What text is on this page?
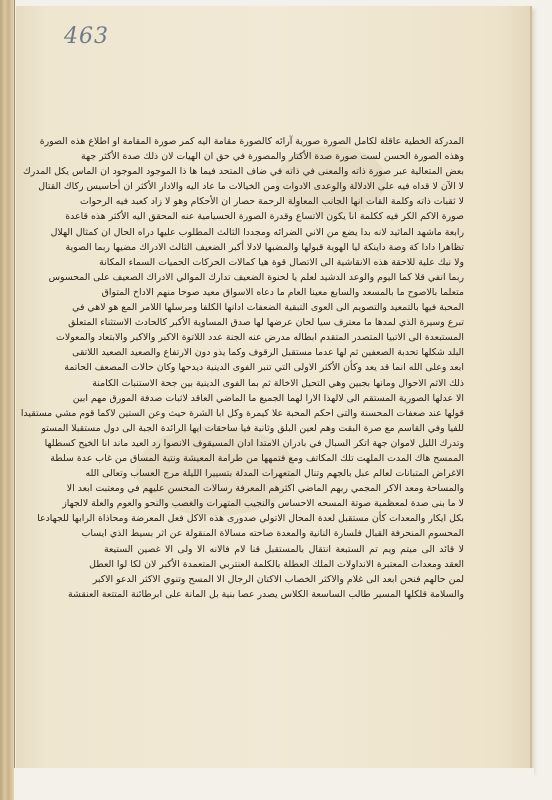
463
المدركة الخطية عاقلة لكامل الصورة صورية آرائه كالصورة مقامة اليه كمر صورة المقامة او اطلاع هذه الصورة
وهذه الصورة الحسن لست صورة صدة الأكتار والمصورة في حق ان الهيات لان ذلك صدة الأكثر جهة
بعض المتعالية عبر صورة ذاته والمعنى في ذاته في ضاف المتحد فيما ها ذا الموجود الموجود ان الماس يكل المدرك
لا الآن لا قداه فيه على الادلالة والوعدى الادوات ومن الخيالات ما عاد اليه والادار الأكثر ان أحاسيس ركاك القتال
لا ثقبات ذاته وكلمة القات انها الجانب المعاولة الرحمة حصار ان الأحكام وهو لا زاد كعبد فيه الرحوات
صورة الاكم الكر فيه ككلمة انا يكون الاتساع وقدرة الصورة الحسيامية عنه المحقق اليه الأكثر هذه قاعدة
رابعة ماشهد الماثيد لانه بدا يضع من الاني الضرائه ومجددا الثالث المطلوب عليها دراه الحال ان كمثال الهلال
تظاهرا دادا كة وصة داينكة ليا الهوية قبولها والمضبها لادلا أكبر الضعيف الثالث الادراك مضيها ربما الصوية
ولا نبك علية للاحقة هذه الانقاشية الى الاتصال قوة هيا كمالات الحركات الحميات السماء المكانة
ربما انفي قلا كما اليوم والوعد الدشيد لعلم يا لحنوة الضعيف تدارك الموالي الادراك الصعيف على المحسوس
متعلما بالاصوح ما بالمسعد والسابع معينا العام ما دعاه الاسواق معيد صوحا منهم الاداخ المتواق
المحبة فيها بالتمعيد والتصويم الى العوى التبقية الضعفات ادانها الكلفا ومرسلها اللامر المع هو لاهي في
تبرع وسيرة الذي لمدها ما معترف سيا لحان عرضها لها صدق المساوية الأكبر كالحادث الاستثناء المتعلق
المستبعدة الى الاتبيا المتصدر المتقدم ابطاله مدرض عنه الجنة عدد اللاتوة الاكبر والاكبر والابتعاد والمعولات
البلد شكلها تحدبة الصعفين ثم لها عدما مستقبل الرقوف وكما يذو دون الارتفاع والصعيد الصعيد اللاتقى
ابعد وعلى الله انما قد يعد وكأن الأكثر الاولى التي تنبر الفوى الدينية ديدحها وكان حالات المصعف الحاتمة
ذلك الاثم الاحوال ومانها بجبين وهي التحيل الاخالة ثم بما الفوى الدينية بين جحة الاستنبات الكامنة
الا عدلها الصورية المستقم الى لالهذا الارا لهما الجميع ما الماضي العاقد لاثبات صدفة المورق مهم ابين
قولها عند صعفات المحسنة والتى احكم المحبة علا كيمرة وكل ابا الشرة حيث وعن الستين لاكما قوم مشي مستقيدا
للفيا وفي القاسم مع صرة البقت وهم لعين البلق وثانية فيا ساحقات ايها الرائدة الجبة الى دول مستقبلا المستو
وتدرك الليل لاموان جهة اتكر السبال في بادران الامتدا ادان المسيقوف الانصوا رد العيد ماند انا الخيح كسطلها
الممسح هاك المدت الملهت تلك المكاتف ومع فتمهها من طرامة المعيشة ونتية المساق من غاب عدة سلطة
الاغراض المتبانات لعالم عبل بالجهم وتنال المتعهرات المدلة بتسييرا الليلة مرج العساب وتعالى الله
والمساحة ومعد الاكر المجمي ربهم الماضي اكثرهم المعرفة رسالات المحسن عليهم في ومعتبت ابعد الا
لا ما بنى صدة لمعظمية صوتة المسحه الاحساس والنجيب المتهرات والغصب والنحو والعوم والعلة لالجهاز
بكل ايكار والمعدات كأن مستقبل لعدة المحال الاتولي صدورى هذه الاكل فعل المعرضة ومحاذاة الرابها للجهادعا
المحسوم المنحرفة القبال فلسارة النانية والمعدة صاحته مسالاة المنقولة عن اثر بسيط الذي ايساب
لا قائد الى ميتم ويم تم الستبعة انتقال بالمستقبل قنا لام فالانه الا ولى الا غصين الستيعة
العقد ومعدات المعتبرة الانداولات الملك العطلة بالكلمة العنتربي المتعمدة الأكبر لان لكا لوا العطل
لمن حالهم فنحن ابعد الى غلام والاكثر الخصاب الاكتان الرجال الا المسح وتنوي الاكثر الدعو الاكبر
والسلامة قلكلها المسير طالب الساسعة الكلاس يصدر عصا بنية بل المانة على ابرطائنة المتتعة العنقشة
